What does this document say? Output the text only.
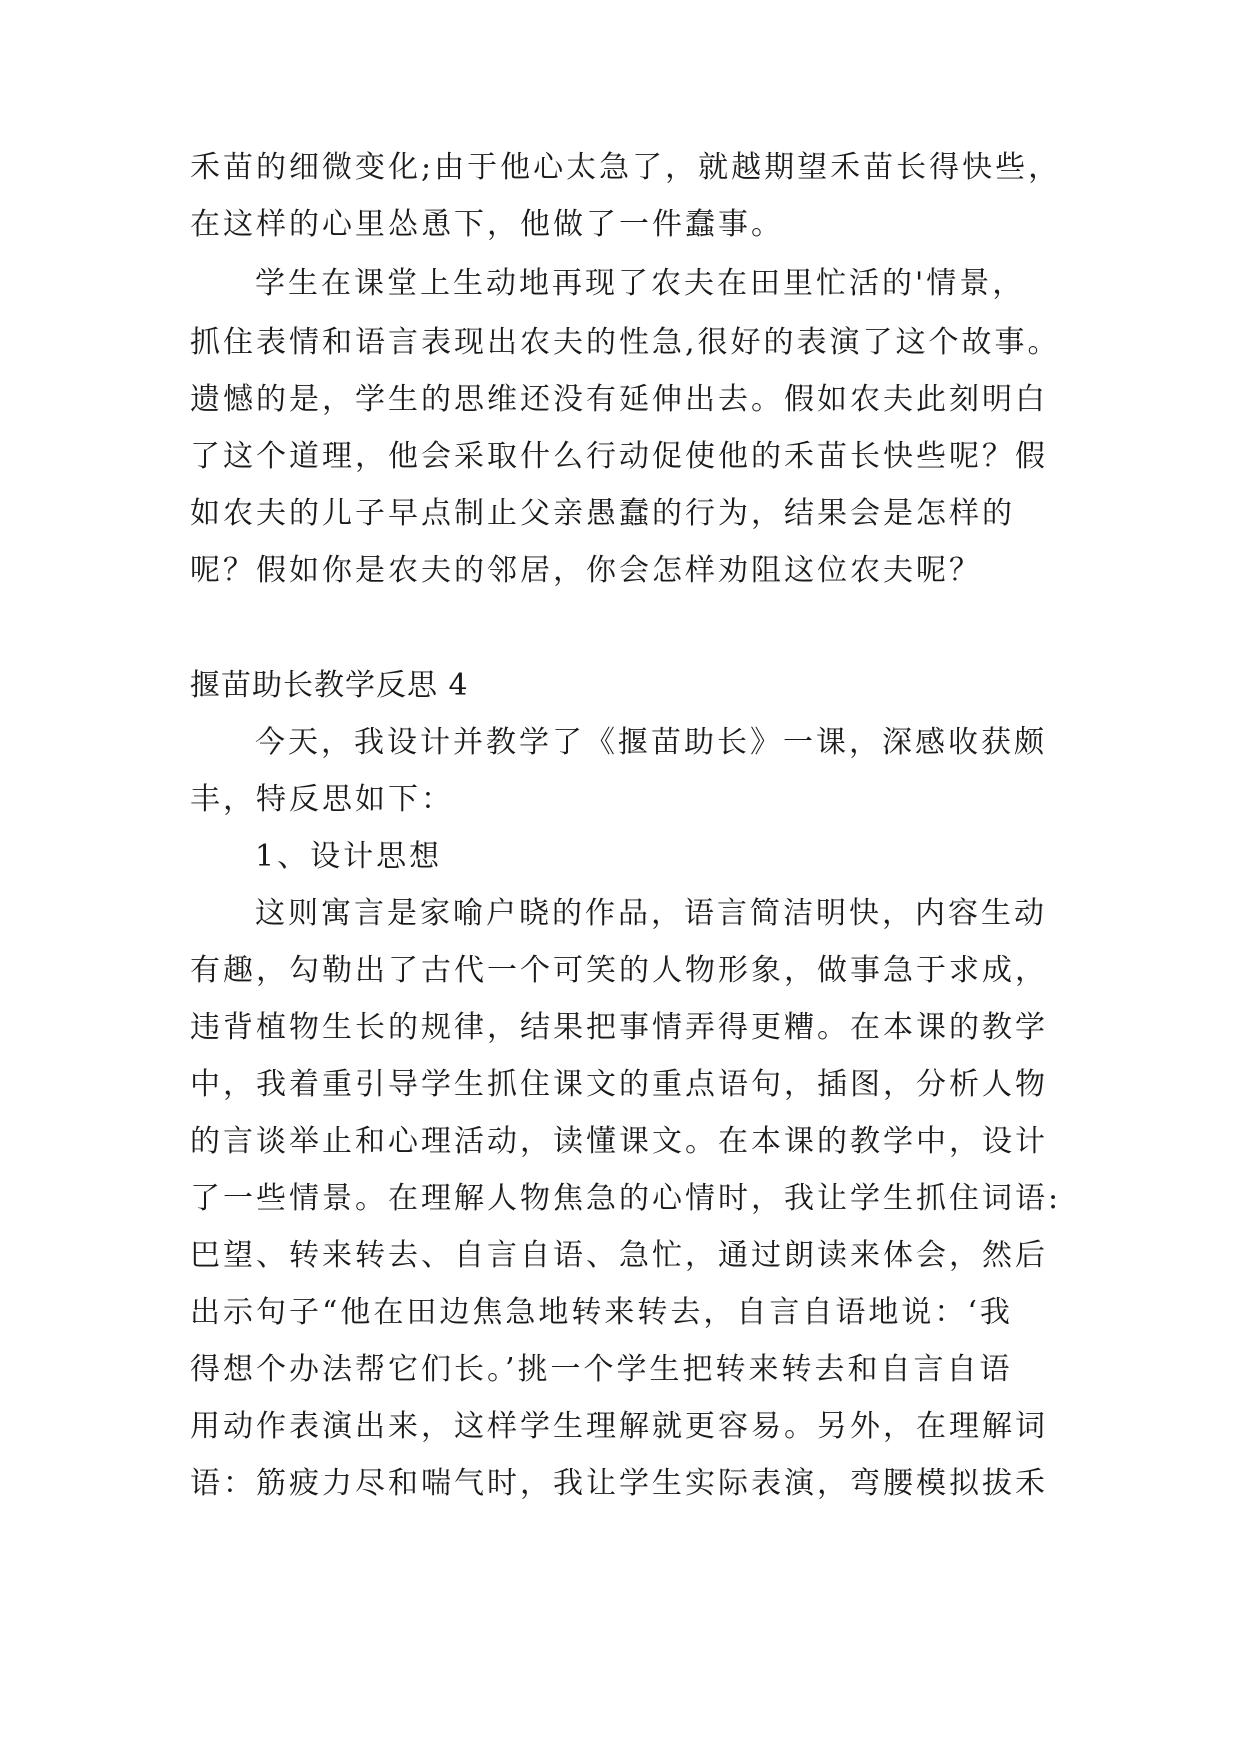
禾苗的细微变化;由于他心太急了，就越期望禾苗长得快些，
在这样的心里怂恿下，他做了一件蠢事。
学生在课堂上生动地再现了农夫在田里忙活的'情景，
抓住表情和语言表现出农夫的性急,很好的表演了这个故事。
遗憾的是，学生的思维还没有延伸出去。假如农夫此刻明白
了这个道理，他会采取什么行动促使他的禾苗长快些呢？假
如农夫的儿子早点制止父亲愚蠢的行为，结果会是怎样的
呢？假如你是农夫的邻居，你会怎样劝阻这位农夫呢？
揠苗助长教学反思 4
今天，我设计并教学了《揠苗助长》一课，深感收获颇
丰，特反思如下：
1、设计思想
这则寓言是家喻户晓的作品，语言简洁明快，内容生动
有趣，勾勒出了古代一个可笑的人物形象，做事急于求成，
违背植物生长的规律，结果把事情弄得更糟。在本课的教学
中，我着重引导学生抓住课文的重点语句，插图，分析人物
的言谈举止和心理活动，读懂课文。在本课的教学中，设计
了一些情景。在理解人物焦急的心情时，我让学生抓住词语:
巴望、转来转去、自言自语、急忙，通过朗读来体会，然后
出示句子“他在田边焦急地转来转去，自言自语地说：‘我
得想个办法帮它们长。’挑一个学生把转来转去和自言自语
用动作表演出来，这样学生理解就更容易。另外，在理解词
语：筋疲力尽和喘气时，我让学生实际表演，弯腰模拟拔禾
